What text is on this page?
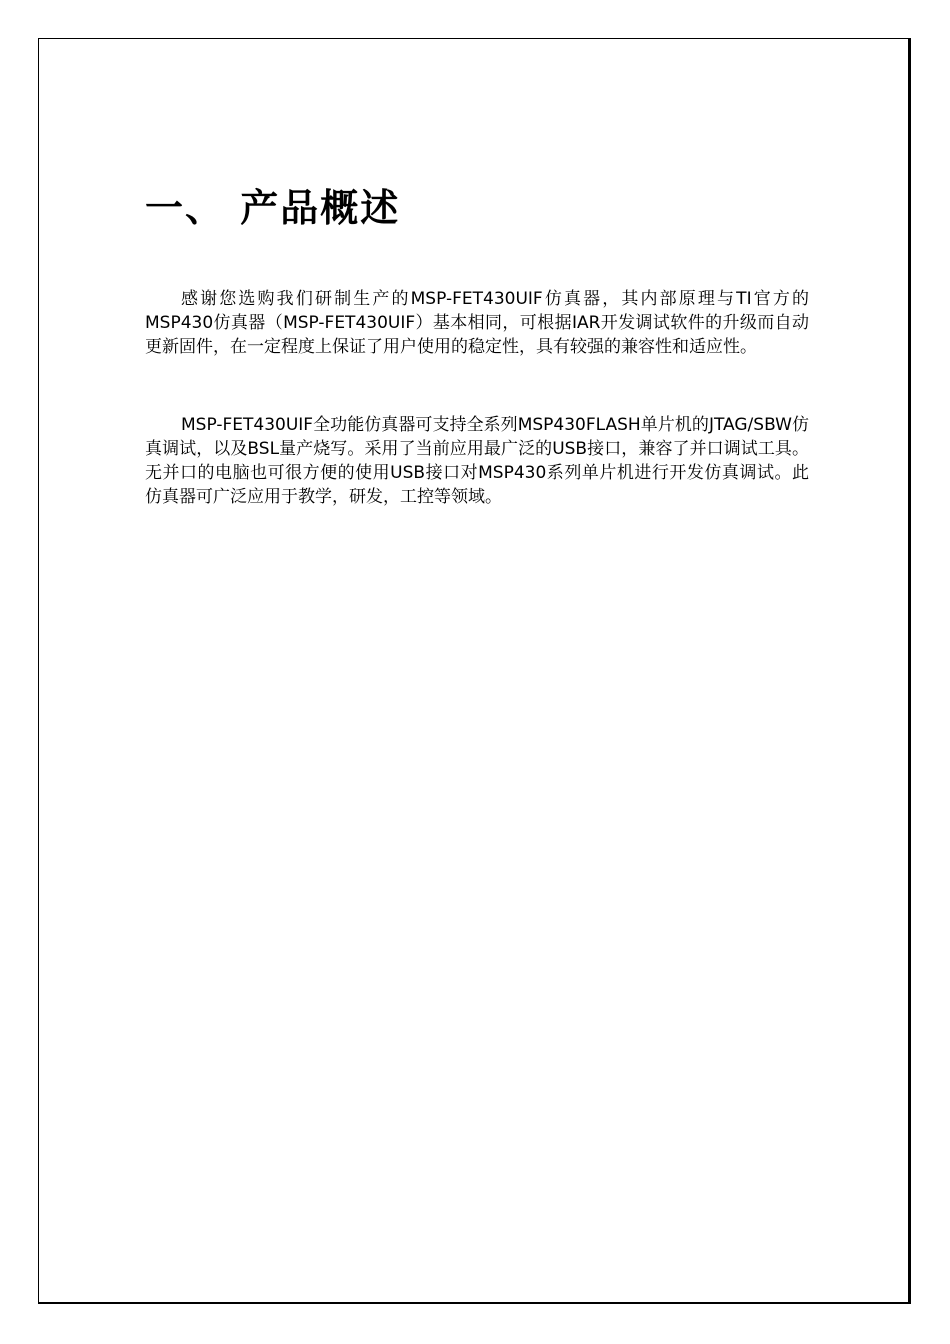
一、 产品概述

感谢您选购我们研制生产的MSP-FET430UIF仿真器，其内部原理与TI官方的MSP430仿真器（MSP-FET430UIF）基本相同，可根据IAR开发调试软件的升级而自动更新固件，在一定程度上保证了用户使用的稳定性，具有较强的兼容性和适应性。

MSP-FET430UIF全功能仿真器可支持全系列MSP430FLASH单片机的JTAG/SBW仿真调试，以及BSL量产烧写。采用了当前应用最广泛的USB接口，兼容了并口调试工具。无并口的电脑也可很方便的使用USB接口对MSP430系列单片机进行开发仿真调试。此仿真器可广泛应用于教学，研发，工控等领域。
